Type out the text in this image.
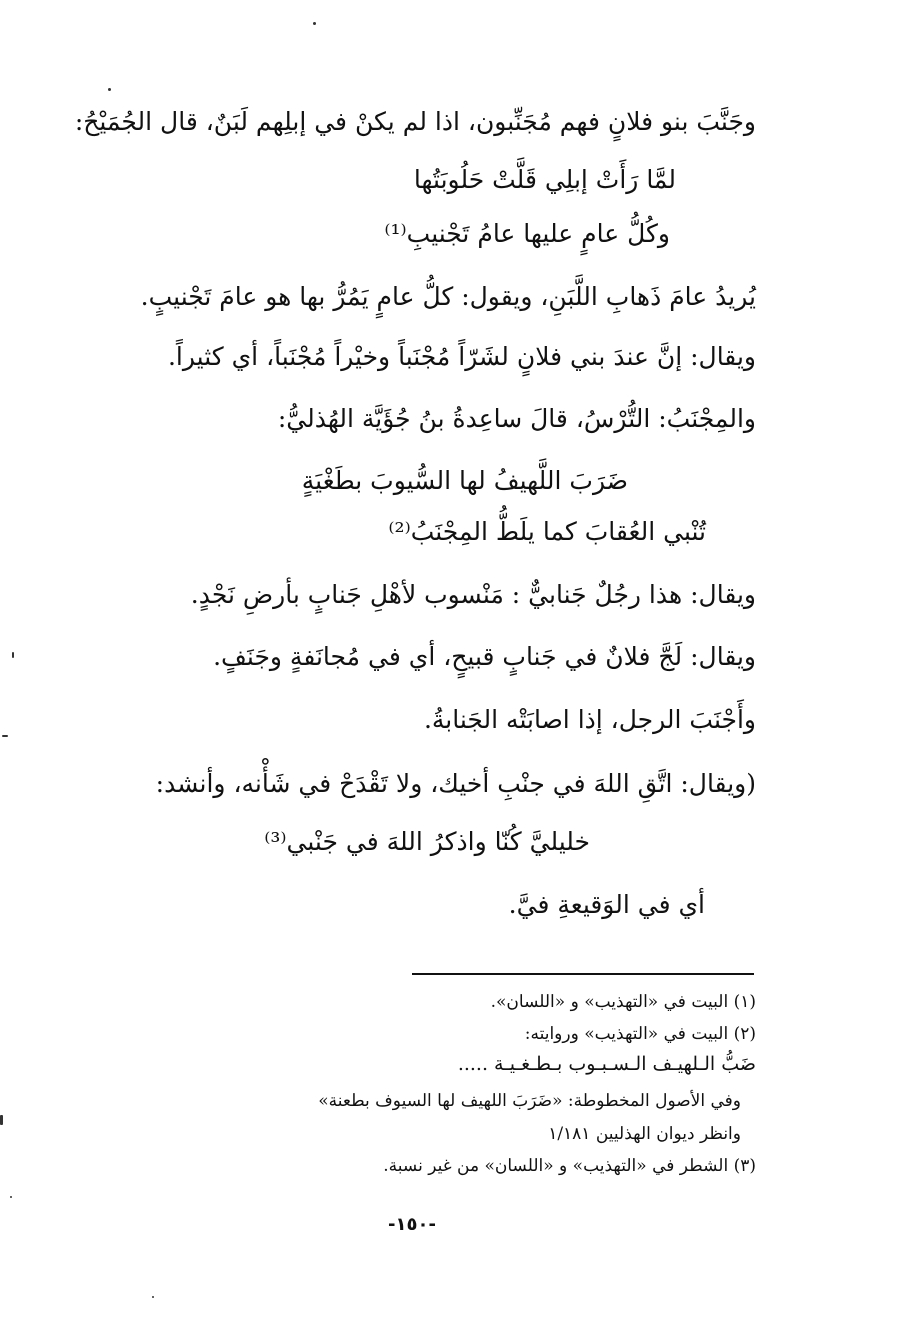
وجَنَّبَ بنو فلانٍ فهم مُجَنِّبون، اذا لم يكنْ في إبلِهم لَبَنٌ، قال الجُمَيْحُ:
لمَّا رَأَتْ إبلِي قَلَّتْ حَلُوبَتُها
وكُلُّ عامٍ عليها عامُ تَجْنيبِ⁽¹⁾
يُريدُ عامَ ذَهابِ اللَّبَنِ، ويقول: كلُّ عامٍ يَمُرُّ بها هو عامَ تَجْنيبٍ.
ويقال: إنَّ عندَ بني فلانٍ لشَرّاً مُجْنَباً وخيْراً مُجْنَباً، أي كثيراً.
والمِجْنَبُ: التُّرْسُ، قالَ ساعِدةُ بنُ جُؤَيَّة الهُذليُّ:
ضَرَبَ اللَّهيفُ لها السُّيوبَ بطَغْيَةٍ
تُنْبي العُقابَ كما يلَطُّ المِجْنَبُ⁽²⁾
ويقال: هذا رجُلٌ جَنابيٌّ : مَنْسوب لأهْلِ جَنابٍ بأرضِ نَجْدٍ.
ويقال: لَجَّ فلانٌ في جَنابٍ قبيحٍ، أي في مُجانَفةٍ وجَنَفٍ.
وأَجْنَبَ الرجل، إذا اصابَتْه الجَنابةُ.
(ويقال: اتَّقِ اللهَ في جنْبِ أخيك، ولا تَقْدَحْ في شَأْنه، وأنشد:
خليليَّ كُنّا واذكرُ اللهَ في جَنْبي⁽³⁾
أي في الوَقيعةِ فيَّ.
(١) البيت في «التهذيب» و «اللسان».
(٢) البيت في «التهذيب» وروايته:
ضَبُّ الـلهيـف الـسـبـوب بـطـغـيـة .....
وفي الأصول المخطوطة: «ضَرَبَ اللهيف لها السيوف بطعنة»
وانظر ديوان الهذليين ١/١٨١
(٣) الشطر في «التهذيب» و «اللسان» من غير نسبة.
-١٥٠-
